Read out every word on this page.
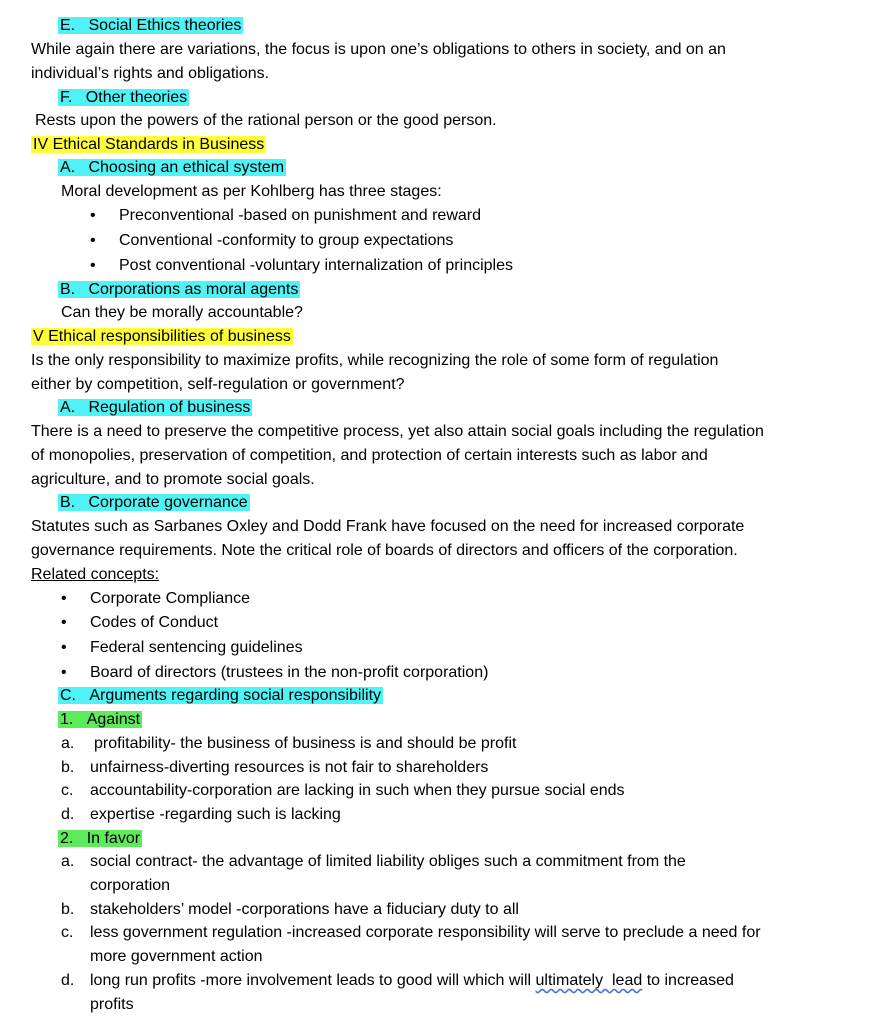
E. Social Ethics theories
While again there are variations, the focus is upon one’s obligations to others in society, and on an
individual’s rights and obligations.
F. Other theories
Rests upon the powers of the rational person or the good person.
IV Ethical Standards in Business
A. Choosing an ethical system
Moral development as per Kohlberg has three stages:
• Preconventional -based on punishment and reward
• Conventional -conformity to group expectations
• Post conventional -voluntary internalization of principles
B. Corporations as moral agents
Can they be morally accountable?
V Ethical responsibilities of business
Is the only responsibility to maximize profits, while recognizing the role of some form of regulation
either by competition, self-regulation or government?
A. Regulation of business
There is a need to preserve the competitive process, yet also attain social goals including the regulation
of monopolies, preservation of competition, and protection of certain interests such as labor and
agriculture, and to promote social goals.
B. Corporate governance
Statutes such as Sarbanes Oxley and Dodd Frank have focused on the need for increased corporate
governance requirements. Note the critical role of boards of directors and officers of the corporation.
Related concepts:
• Corporate Compliance
• Codes of Conduct
• Federal sentencing guidelines
• Board of directors (trustees in the non-profit corporation)
C. Arguments regarding social responsibility
1. Against
a. profitability- the business of business is and should be profit
b. unfairness-diverting resources is not fair to shareholders
c. accountability-corporation are lacking in such when they pursue social ends
d. expertise -regarding such is lacking
2. In favor
a. social contract- the advantage of limited liability obliges such a commitment from the
corporation
b. stakeholders’ model -corporations have a fiduciary duty to all
c. less government regulation -increased corporate responsibility will serve to preclude a need for
more government action
d. long run profits -more involvement leads to good will which will ultimately  lead to increased
profits
